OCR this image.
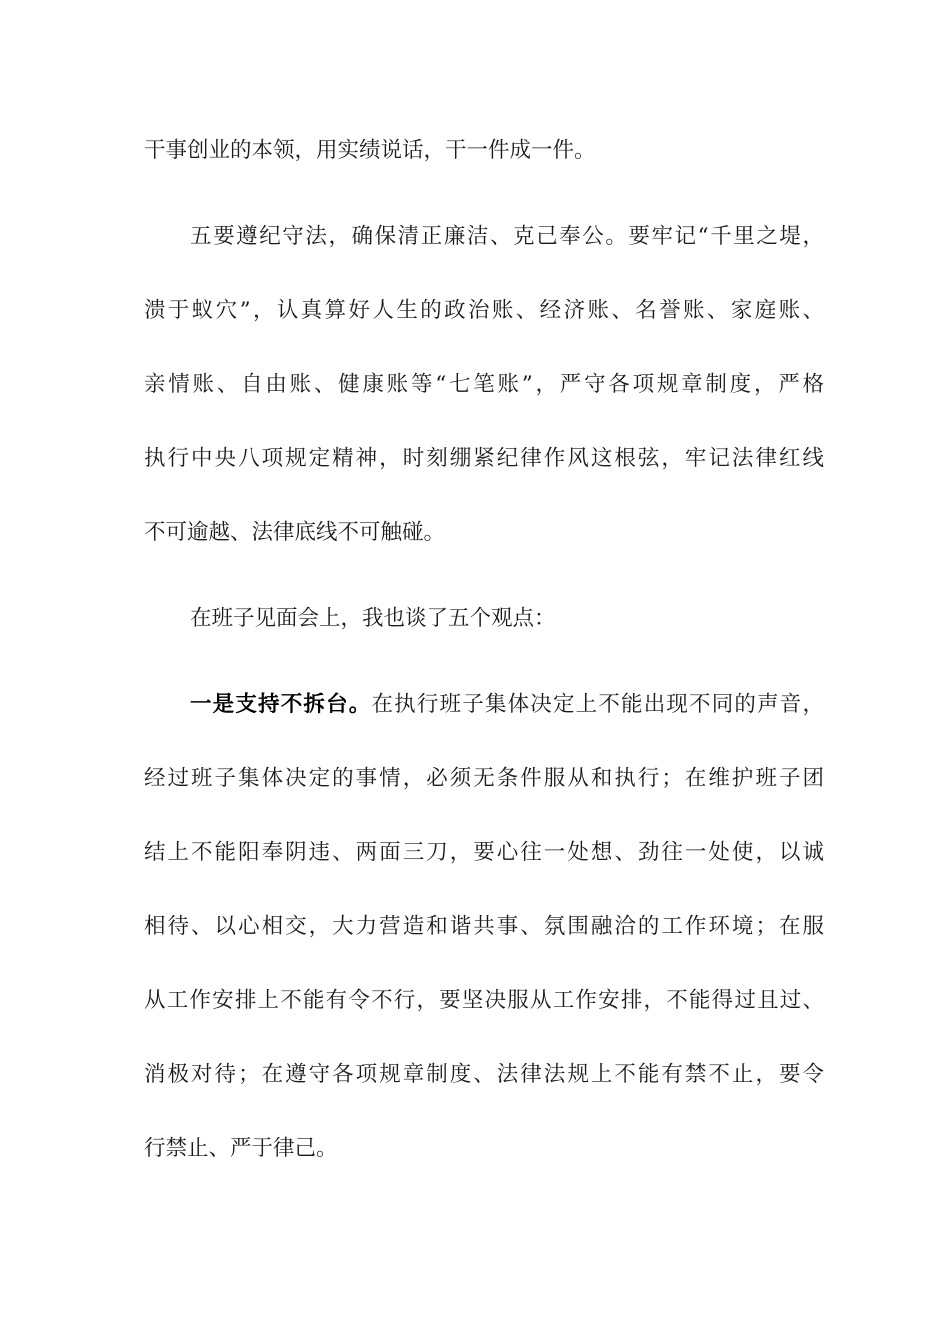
干事创业的本领，用实绩说话，干一件成一件。
五要遵纪守法，确保清正廉洁、克己奉公。要牢记“千里之堤，
溃于蚁穴”，认真算好人生的政治账、经济账、名誉账、家庭账、
亲情账、自由账、健康账等“七笔账”，严守各项规章制度，严格
执行中央八项规定精神，时刻绷紧纪律作风这根弦，牢记法律红线
不可逾越、法律底线不可触碰。
在班子见面会上，我也谈了五个观点：
一是支持不拆台。在执行班子集体决定上不能出现不同的声音，
经过班子集体决定的事情，必须无条件服从和执行；在维护班子团
结上不能阳奉阴违、两面三刀，要心往一处想、劲往一处使，以诚
相待、以心相交，大力营造和谐共事、氛围融洽的工作环境；在服
从工作安排上不能有令不行，要坚决服从工作安排，不能得过且过、
消极对待；在遵守各项规章制度、法律法规上不能有禁不止，要令
行禁止、严于律己。
